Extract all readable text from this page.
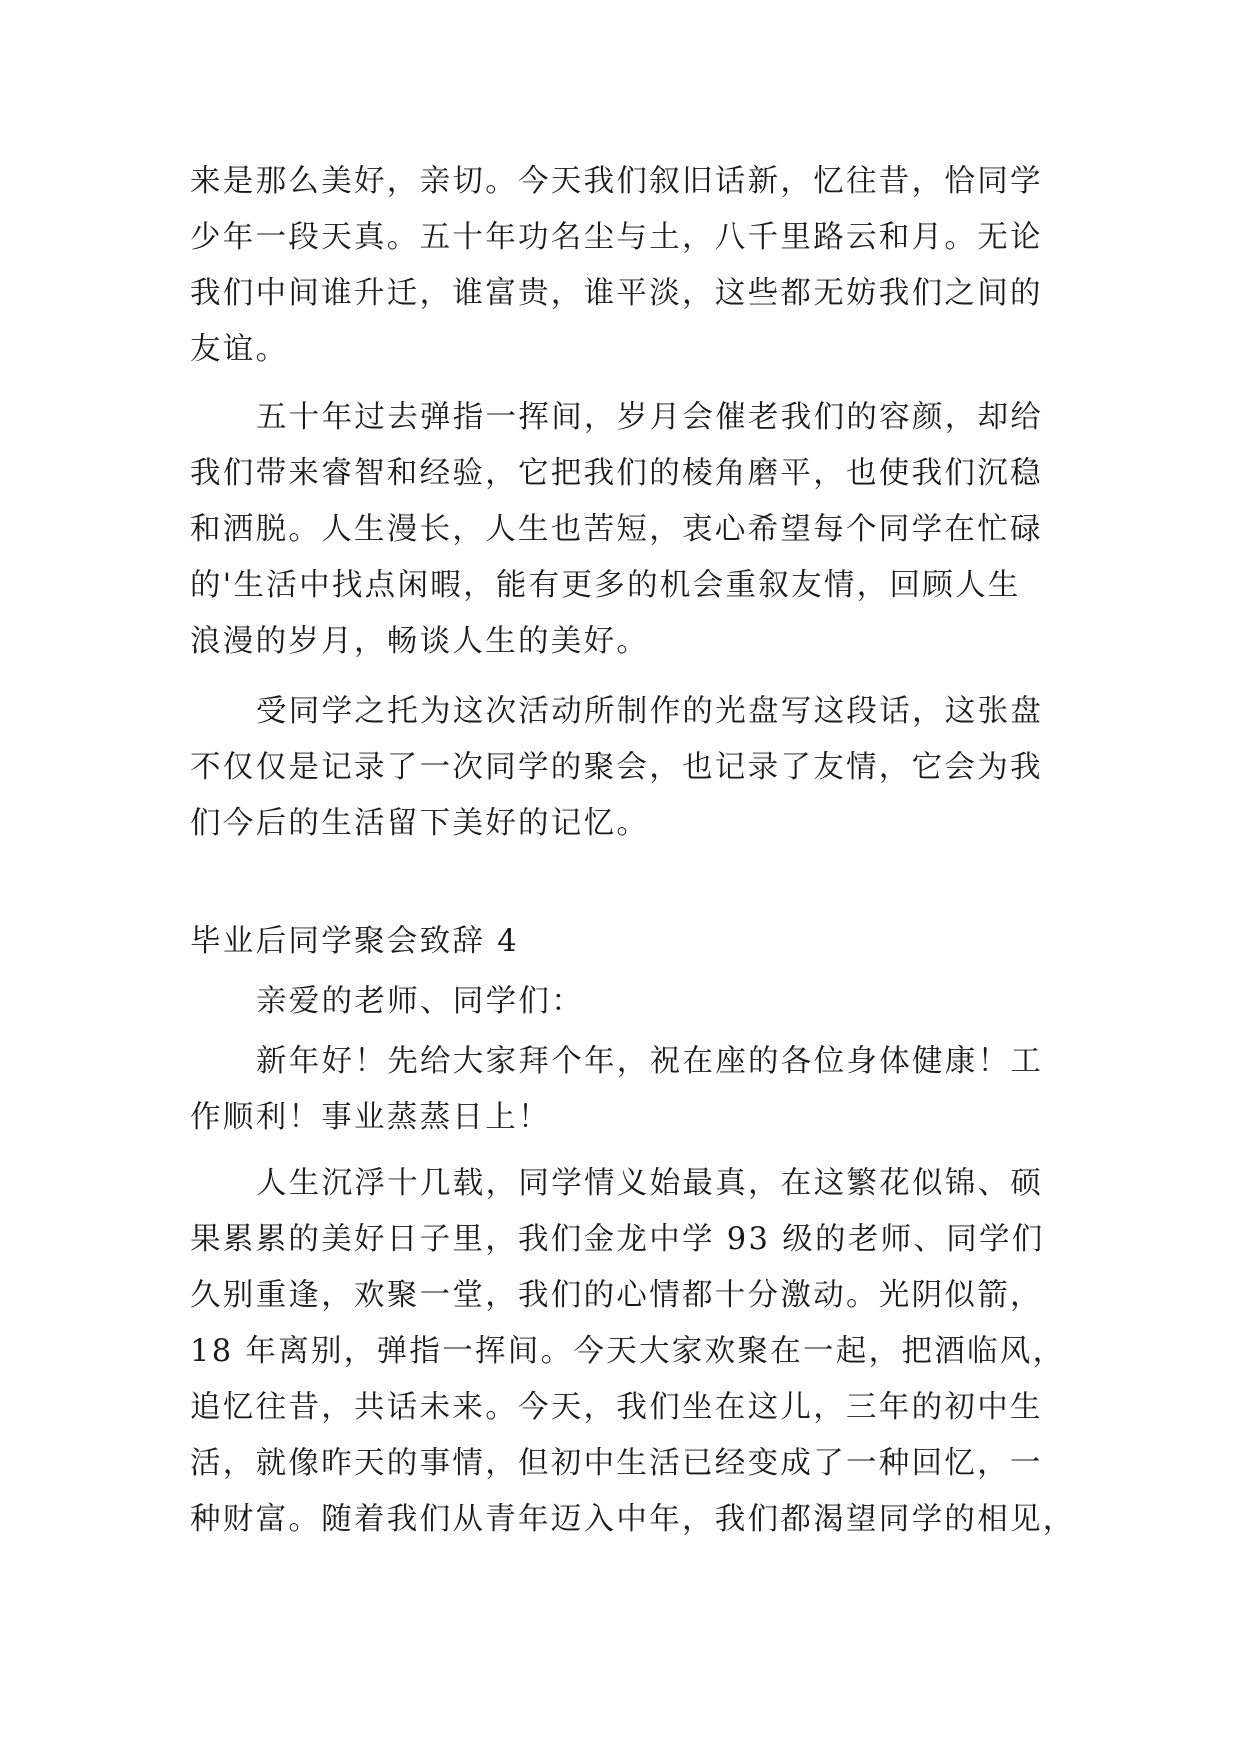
来是那么美好，亲切。今天我们叙旧话新，忆往昔，恰同学
少年一段天真。五十年功名尘与土，八千里路云和月。无论
我们中间谁升迁，谁富贵，谁平淡，这些都无妨我们之间的
友谊。
五十年过去弹指一挥间，岁月会催老我们的容颜，却给
我们带来睿智和经验，它把我们的棱角磨平，也使我们沉稳
和洒脱。人生漫长，人生也苦短，衷心希望每个同学在忙碌
的'生活中找点闲暇，能有更多的机会重叙友情，回顾人生
浪漫的岁月，畅谈人生的美好。
受同学之托为这次活动所制作的光盘写这段话，这张盘
不仅仅是记录了一次同学的聚会，也记录了友情，它会为我
们今后的生活留下美好的记忆。
毕业后同学聚会致辞 4
亲爱的老师、同学们：
新年好！先给大家拜个年，祝在座的各位身体健康！工
作顺利！事业蒸蒸日上！
人生沉浮十几载，同学情义始最真，在这繁花似锦、硕
果累累的美好日子里，我们金龙中学 93 级的老师、同学们
久别重逢，欢聚一堂，我们的心情都十分激动。光阴似箭，
18 年离别，弹指一挥间。今天大家欢聚在一起，把酒临风，
追忆往昔，共话未来。今天，我们坐在这儿，三年的初中生
活，就像昨天的事情，但初中生活已经变成了一种回忆，一
种财富。随着我们从青年迈入中年，我们都渴望同学的相见，
